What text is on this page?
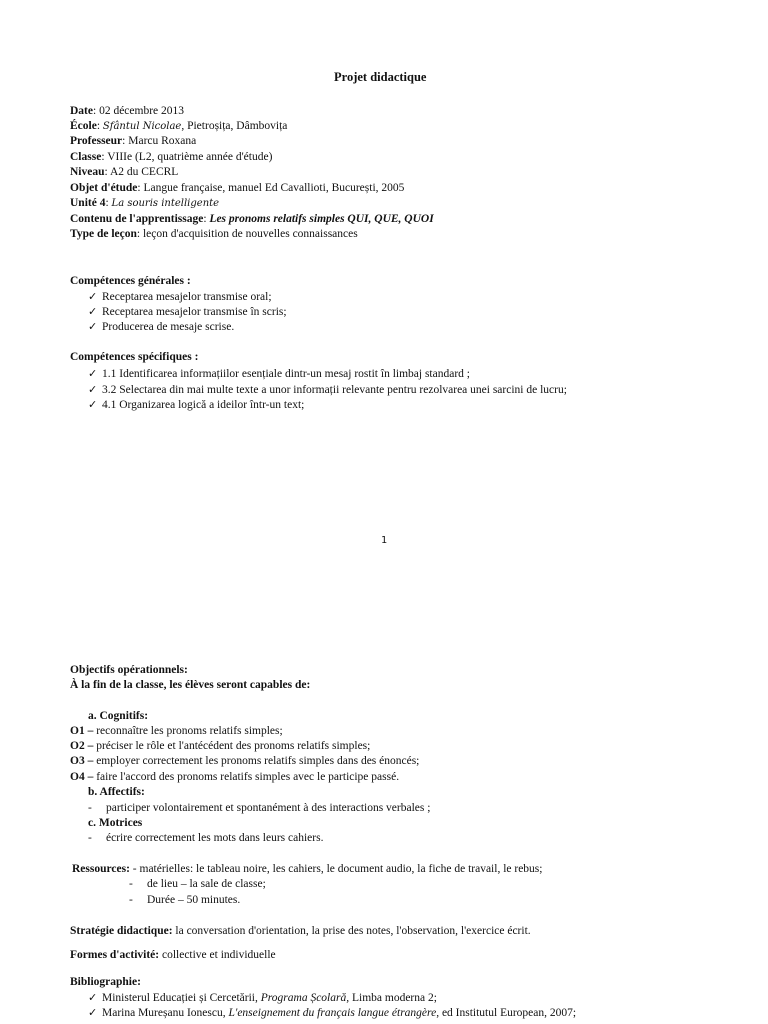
Projet didactique
Date: 02 décembre 2013
École: Sfântul Nicolae, Pietroșița, Dâmbovița
Professeur: Marcu Roxana
Classe: VIIIe (L2, quatrième année d'étude)
Niveau: A2 du CECRL
Objet d'étude: Langue française, manuel Ed Cavallioti, București, 2005
Unité 4: La souris intelligente
Contenu de l'apprentissage: Les pronoms relatifs simples QUI, QUE, QUOI
Type de leçon: leçon d'acquisition de nouvelles connaissances
Compétences générales :
✓ Receptarea mesajelor transmise oral;
✓ Receptarea mesajelor transmise în scris;
✓ Producerea de mesaje scrise.
Compétences spécifiques :
✓ 1.1 Identificarea informațiilor esențiale dintr-un mesaj rostit în limbaj standard ;
✓ 3.2 Selectarea din mai multe texte a unor informații relevante pentru rezolvarea unei sarcini de lucru;
✓ 4.1 Organizarea logică a ideilor într-un text;
1
Objectifs opérationnels:
À la fin de la classe, les élèves seront capables de:
a. Cognitifs:
O1 – reconnaître les pronoms relatifs simples;
O2 – préciser le rôle et l'antécédent des pronoms relatifs simples;
O3 – employer correctement les pronoms relatifs simples dans des énoncés;
O4 – faire l'accord des pronoms relatifs simples avec le participe passé.
b. Affectifs:
- participer volontairement et spontanément à des interactions verbales ;
c. Motrices
- écrire correctement les mots dans leurs cahiers.
Ressources: - matérielles: le tableau noire, les cahiers, le document audio, la fiche de travail, le rebus;
- de lieu – la sale de classe;
- Durée – 50 minutes.
Stratégie didactique: la conversation d'orientation, la prise des notes, l'observation, l'exercice écrit.
Formes d'activité: collective et individuelle
Bibliographie:
✓ Ministerul Educației și Cercetării, Programa Școlară, Limba moderna 2;
✓ Marina Mureșanu Ionescu, L'enseignement du français langue étrangère, ed Institutul European, 2007;
